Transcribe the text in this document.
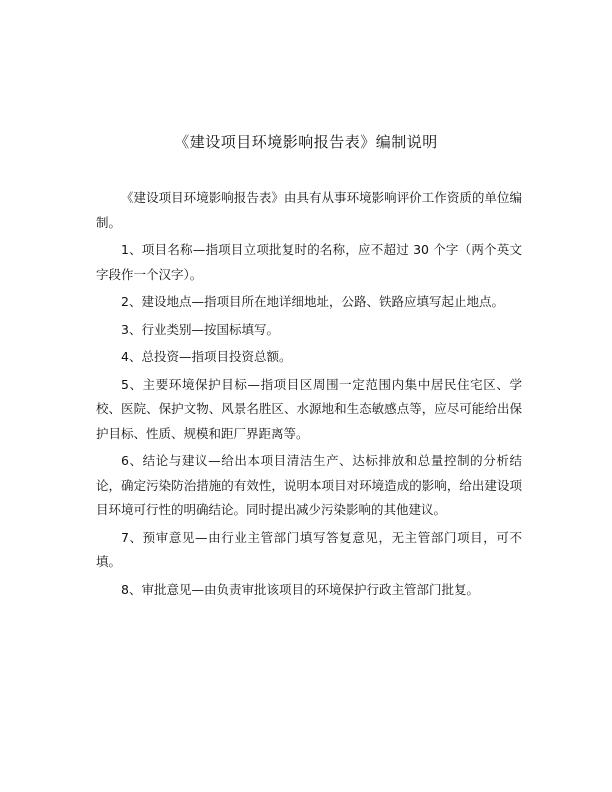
《建设项目环境影响报告表》编制说明

《建设项目环境影响报告表》由具有从事环境影响评价工作资质的单位编制。

1、项目名称—指项目立项批复时的名称，应不超过 30 个字（两个英文字段作一个汉字）。

2、建设地点—指项目所在地详细地址，公路、铁路应填写起止地点。

3、行业类别—按国标填写。

4、总投资—指项目投资总额。

5、主要环境保护目标—指项目区周围一定范围内集中居民住宅区、学校、医院、保护文物、风景名胜区、水源地和生态敏感点等，应尽可能给出保护目标、性质、规模和距厂界距离等。

6、结论与建议—给出本项目清洁生产、达标排放和总量控制的分析结论，确定污染防治措施的有效性，说明本项目对环境造成的影响，给出建设项目环境可行性的明确结论。同时提出减少污染影响的其他建议。

7、预审意见—由行业主管部门填写答复意见，无主管部门项目，可不填。

8、审批意见—由负责审批该项目的环境保护行政主管部门批复。
